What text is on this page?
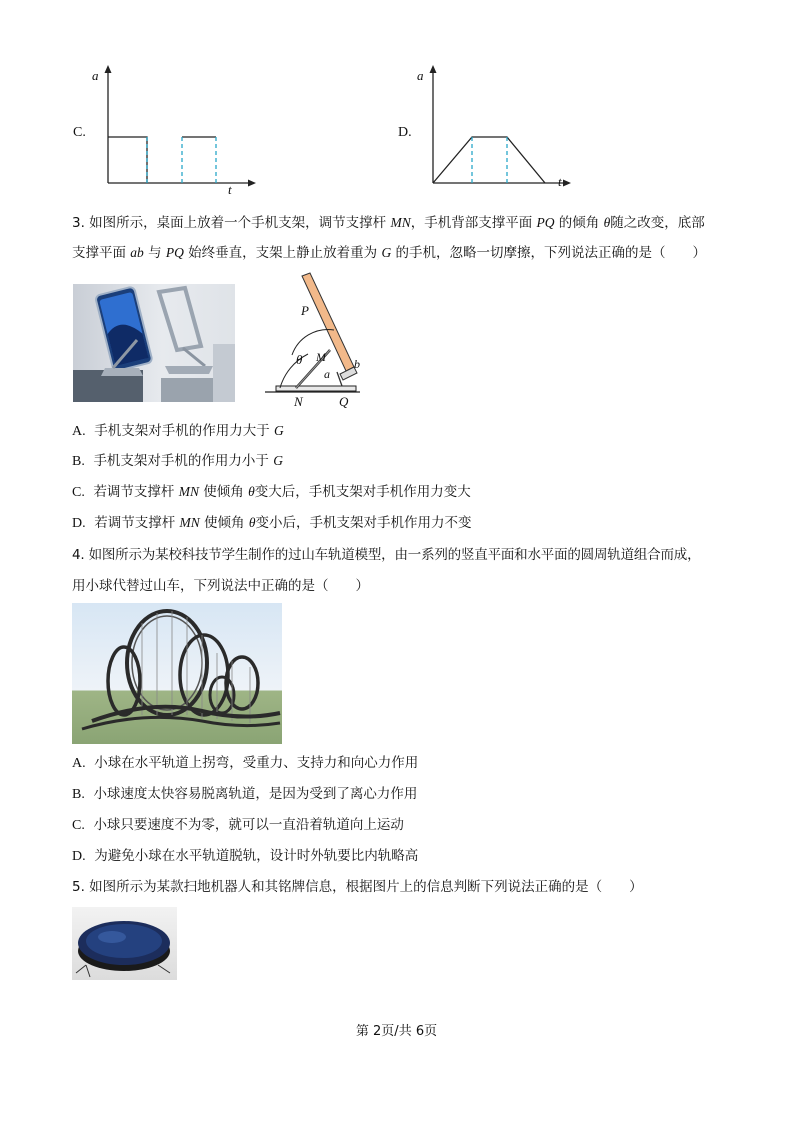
C.
a
t
D.
a
t
3. 如图所示，桌面上放着一个手机支架，调节支撑杆 MN，手机背部支撑平面 PQ 的倾角 θ随之改变，底部
支撑平面 ab 与 PQ 始终垂直，支架上静止放着重为 G 的手机，忽略一切摩擦，下列说法正确的是（　　）
P
θ M
a
b
N	Q
A. 手机支架对手机的作用力大于 G
B. 手机支架对手机的作用力小于 G
C. 若调节支撑杆 MN 使倾角 θ变大后，手机支架对手机作用力变大
D. 若调节支撑杆 MN 使倾角 θ变小后，手机支架对手机作用力不变
4. 如图所示为某校科技节学生制作的过山车轨道模型，由一系列的竖直平面和水平面的圆周轨道组合而成，
用小球代替过山车，下列说法中正确的是（　　）
A. 小球在水平轨道上拐弯，受重力、支持力和向心力作用
B. 小球速度太快容易脱离轨道，是因为受到了离心力作用
C. 小球只要速度不为零，就可以一直沿着轨道向上运动
D. 为避免小球在水平轨道脱轨，设计时外轨要比内轨略高
5. 如图所示为某款扫地机器人和其铭牌信息，根据图片上的信息判断下列说法正确的是（　　）
第 2页/共 6页
